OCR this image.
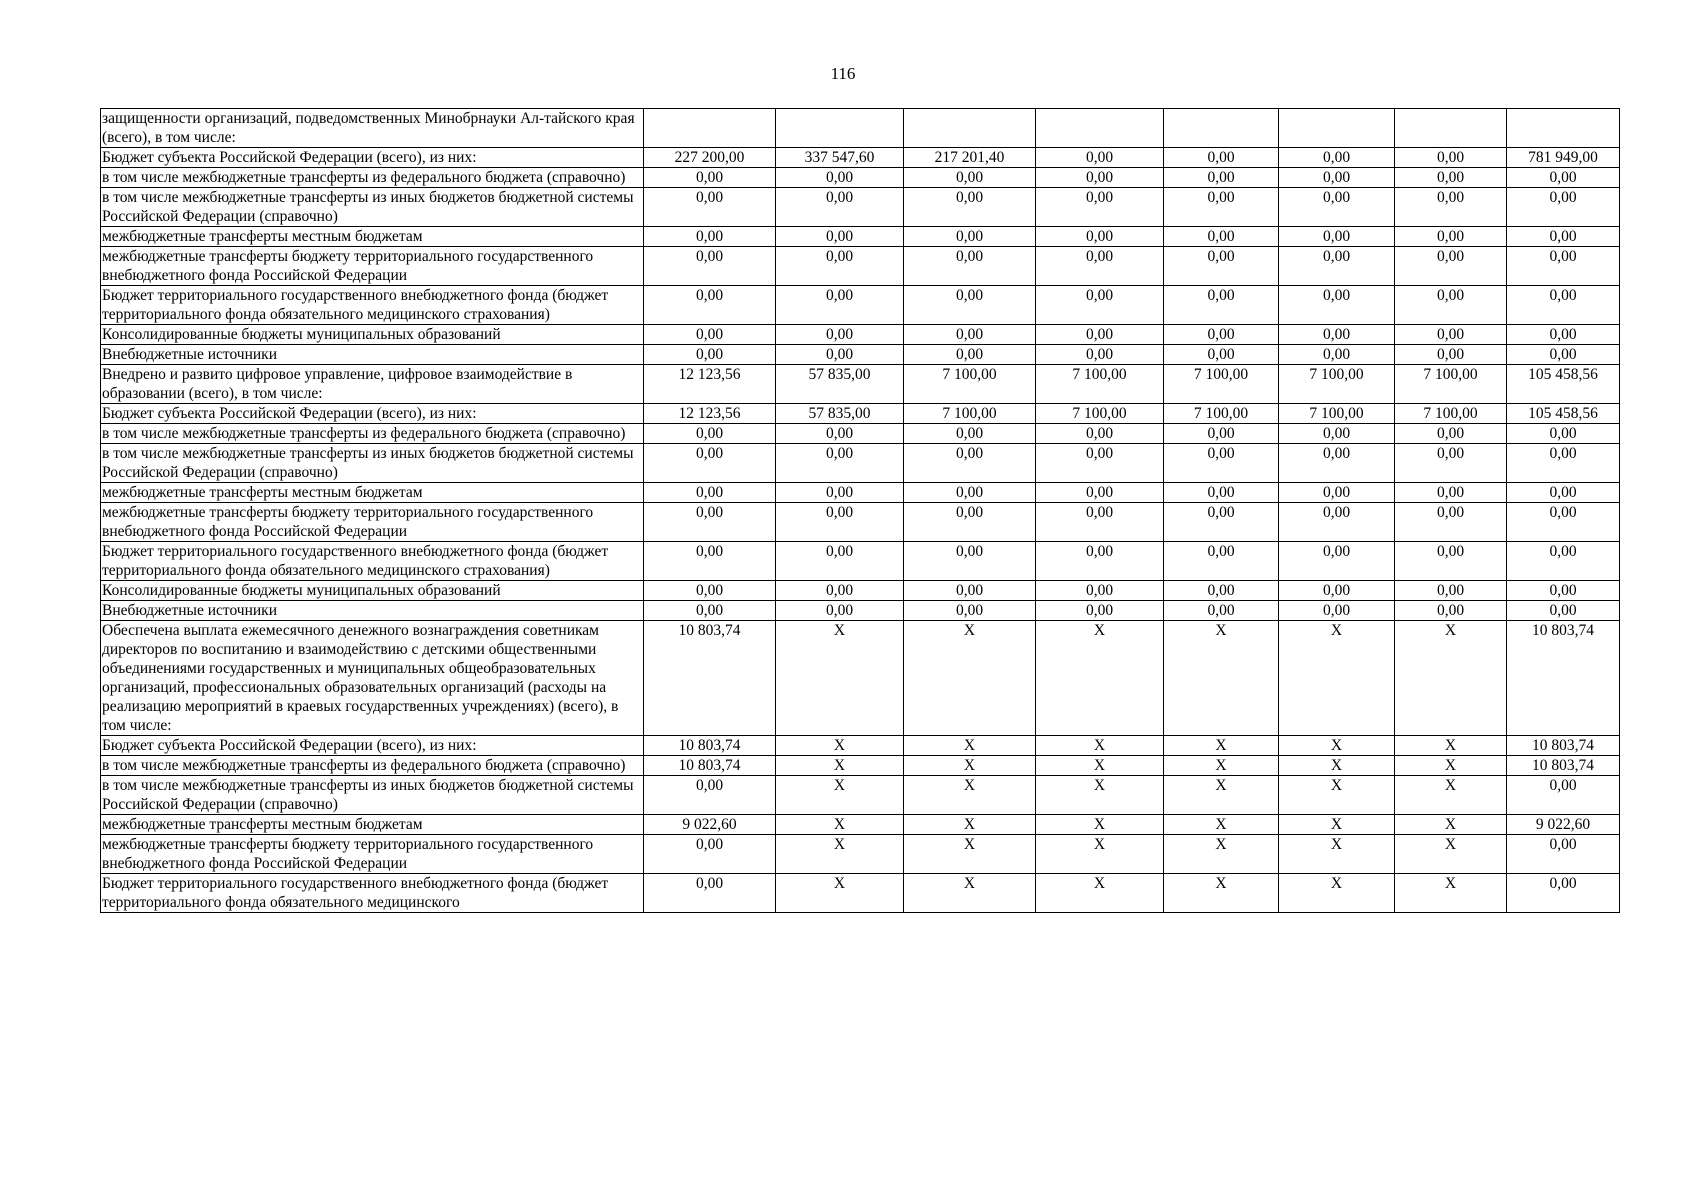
116
защищенности организаций, подведомственных Минобрнауки Ал-тайского края (всего), в том числе:								
Бюджет субъекта Российской Федерации (всего), из них:	227 200,00	337 547,60	217 201,40	0,00	0,00	0,00	0,00	781 949,00
в том числе межбюджетные трансферты из федерального бюджета (справочно)	0,00	0,00	0,00	0,00	0,00	0,00	0,00	0,00
в том числе межбюджетные трансферты из иных бюджетов бюджетной системы Российской Федерации (справочно)	0,00	0,00	0,00	0,00	0,00	0,00	0,00	0,00
межбюджетные трансферты местным бюджетам	0,00	0,00	0,00	0,00	0,00	0,00	0,00	0,00
межбюджетные трансферты бюджету территориального государственного внебюджетного фонда Российской Федерации	0,00	0,00	0,00	0,00	0,00	0,00	0,00	0,00
Бюджет территориального государственного внебюджетного фонда (бюджет территориального фонда обязательного медицинского страхования)	0,00	0,00	0,00	0,00	0,00	0,00	0,00	0,00
Консолидированные бюджеты муниципальных образований	0,00	0,00	0,00	0,00	0,00	0,00	0,00	0,00
Внебюджетные источники	0,00	0,00	0,00	0,00	0,00	0,00	0,00	0,00
Внедрено и развито цифровое управление, цифровое взаимодействие в образовании (всего), в том числе:	12 123,56	57 835,00	7 100,00	7 100,00	7 100,00	7 100,00	7 100,00	105 458,56
Бюджет субъекта Российской Федерации (всего), из них:	12 123,56	57 835,00	7 100,00	7 100,00	7 100,00	7 100,00	7 100,00	105 458,56
в том числе межбюджетные трансферты из федерального бюджета (справочно)	0,00	0,00	0,00	0,00	0,00	0,00	0,00	0,00
в том числе межбюджетные трансферты из иных бюджетов бюджетной системы Российской Федерации (справочно)	0,00	0,00	0,00	0,00	0,00	0,00	0,00	0,00
межбюджетные трансферты местным бюджетам	0,00	0,00	0,00	0,00	0,00	0,00	0,00	0,00
межбюджетные трансферты бюджету территориального государственного внебюджетного фонда Российской Федерации	0,00	0,00	0,00	0,00	0,00	0,00	0,00	0,00
Бюджет территориального государственного внебюджетного фонда (бюджет территориального фонда обязательного медицинского страхования)	0,00	0,00	0,00	0,00	0,00	0,00	0,00	0,00
Консолидированные бюджеты муниципальных образований	0,00	0,00	0,00	0,00	0,00	0,00	0,00	0,00
Внебюджетные источники	0,00	0,00	0,00	0,00	0,00	0,00	0,00	0,00
Обеспечена выплата ежемесячного денежного вознаграждения советникам директоров по воспитанию и взаимодействию с детскими общественными объединениями государственных и муниципальных общеобразовательных организаций, профессиональных образовательных организаций (расходы на реализацию мероприятий в краевых государственных учреждениях) (всего), в том числе:	10 803,74	X	X	X	X	X	X	10 803,74
Бюджет субъекта Российской Федерации (всего), из них:	10 803,74	X	X	X	X	X	X	10 803,74
в том числе межбюджетные трансферты из федерального бюджета (справочно)	10 803,74	X	X	X	X	X	X	10 803,74
в том числе межбюджетные трансферты из иных бюджетов бюджетной системы Российской Федерации (справочно)	0,00	X	X	X	X	X	X	0,00
межбюджетные трансферты местным бюджетам	9 022,60	X	X	X	X	X	X	9 022,60
межбюджетные трансферты бюджету территориального государственного внебюджетного фонда Российской Федерации	0,00	X	X	X	X	X	X	0,00
Бюджет территориального государственного внебюджетного фонда (бюджет территориального фонда обязательного медицинского	0,00	X	X	X	X	X	X	0,00
